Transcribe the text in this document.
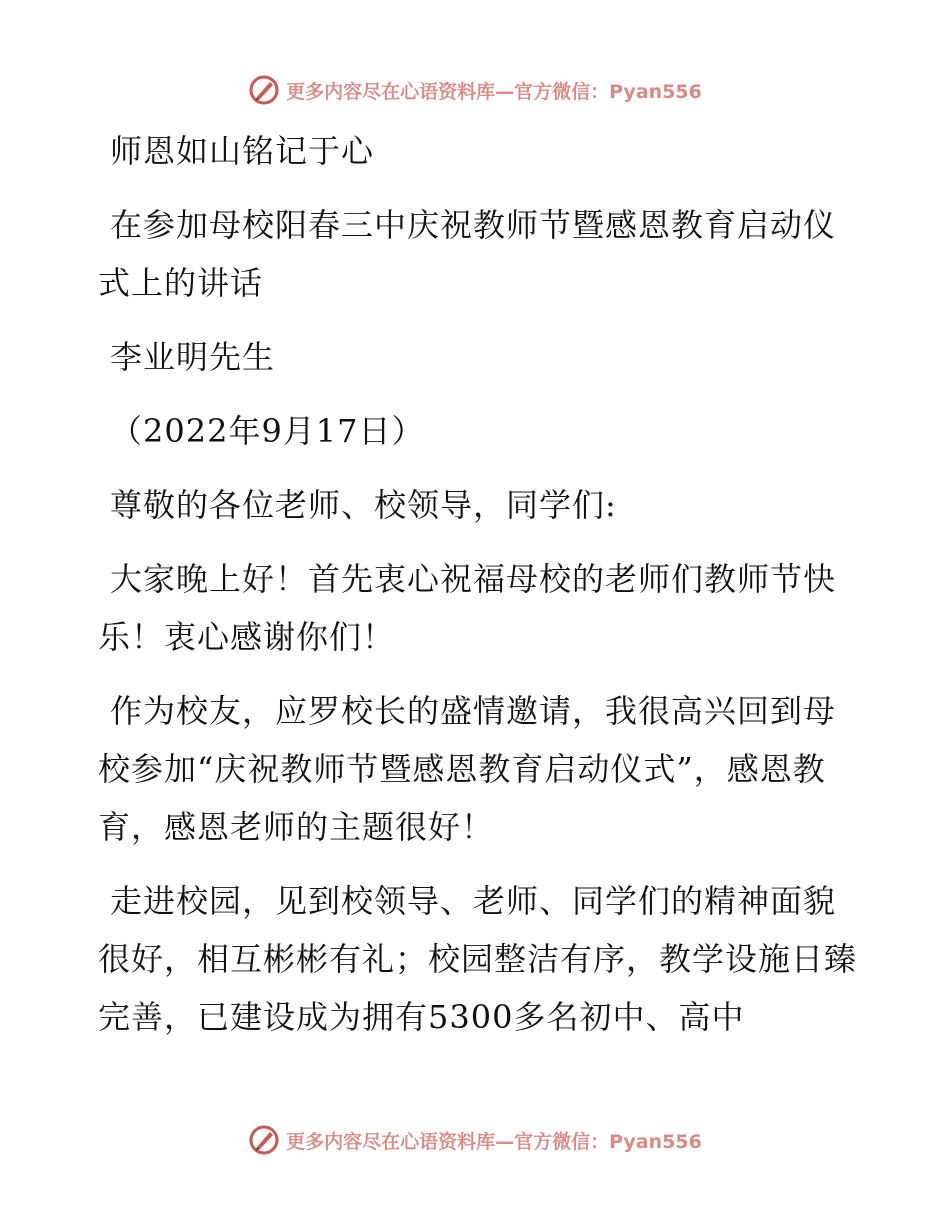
更多内容尽在心语资料库—官方微信：Pyan556

师恩如山铭记于心

在参加母校阳春三中庆祝教师节暨感恩教育启动仪式上的讲话

李业明先生

（2022年9月17日）

尊敬的各位老师、校领导，同学们:

大家晚上好！首先衷心祝福母校的老师们教师节快乐！衷心感谢你们！

作为校友，应罗校长的盛情邀请，我很高兴回到母校参加“庆祝教师节暨感恩教育启动仪式”，感恩教育，感恩老师的主题很好！

走进校园，见到校领导、老师、同学们的精神面貌很好，相互彬彬有礼；校园整洁有序，教学设施日臻完善，已建设成为拥有5300多名初中、高中

更多内容尽在心语资料库—官方微信：Pyan556
